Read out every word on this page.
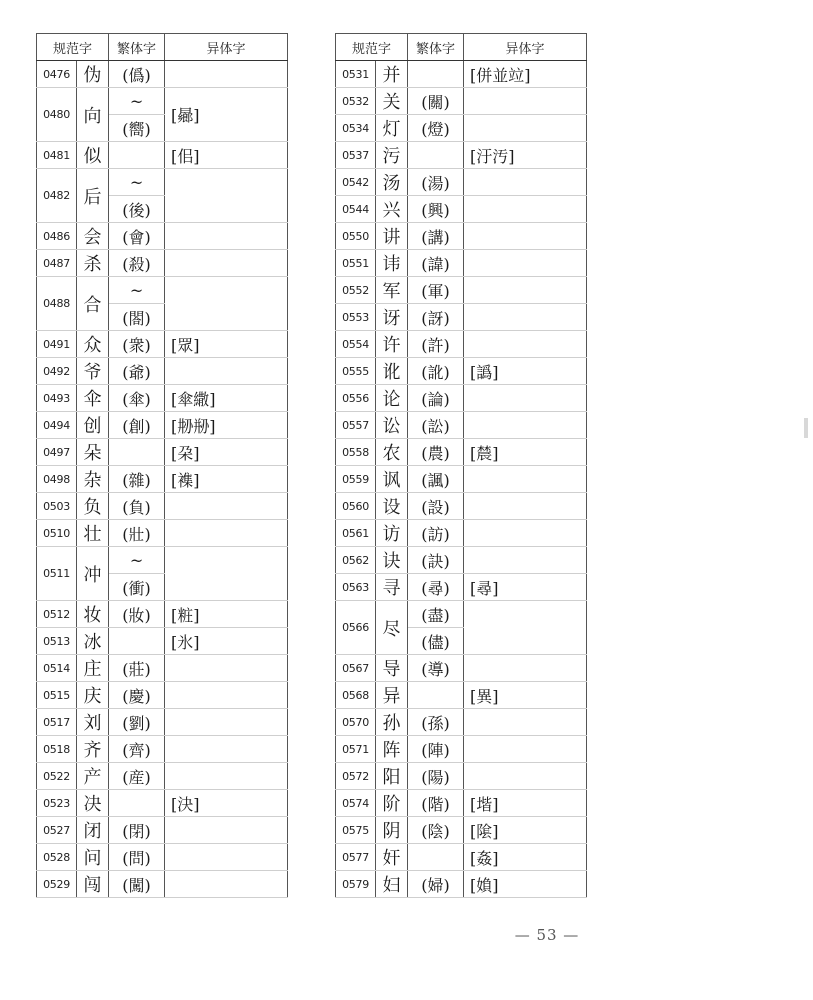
规范字		繁体字	异体字
0476	伪	(僞)	
0480	向	~	[曏]
		(嚮)	
0481	似		[佀]
0482	后	~	
		(後)	
0486	会	(會)	
0487	杀	(殺)	
0488	合	~	
		(閤)	
0491	众	(衆)	[眾]
0492	爷	(爺)	
0493	伞	(傘)	[傘繖]
0494	创	(創)	[刱剙]
0497	朵		[朶]
0498	杂	(雜)	[襍]
0503	负	(負)	
0510	壮	(壯)	
0511	冲	~	
		(衝)	
0512	妆	(妝)	[粧]
0513	冰		[氷]
0514	庄	(莊)	
0515	庆	(慶)	
0517	刘	(劉)	
0518	齐	(齊)	
0522	产	(産)	
0523	决		[決]
0527	闭	(閉)	
0528	问	(問)	
0529	闯	(闖)	
规范字		繁体字	异体字
0531	并		[併並竝]
0532	关	(關)	
0534	灯	(燈)	
0537	污		[汙汚]
0542	汤	(湯)	
0544	兴	(興)	
0550	讲	(講)	
0551	讳	(諱)	
0552	军	(軍)	
0553	讶	(訝)	
0554	许	(許)	
0555	讹	(訛)	[譌]
0556	论	(論)	
0557	讼	(訟)	
0558	农	(農)	[辳]
0559	讽	(諷)	
0560	设	(設)	
0561	访	(訪)	
0562	诀	(訣)	
0563	寻	(尋)	[尋]
0566	尽	(盡)	
		(儘)	
0567	导	(導)	
0568	异		[異]
0570	孙	(孫)	
0571	阵	(陣)	
0572	阳	(陽)	
0574	阶	(階)	[堦]
0575	阴	(陰)	[隂]
0577	奸		[姦]
0579	妇	(婦)	[媍]
— 53 —
